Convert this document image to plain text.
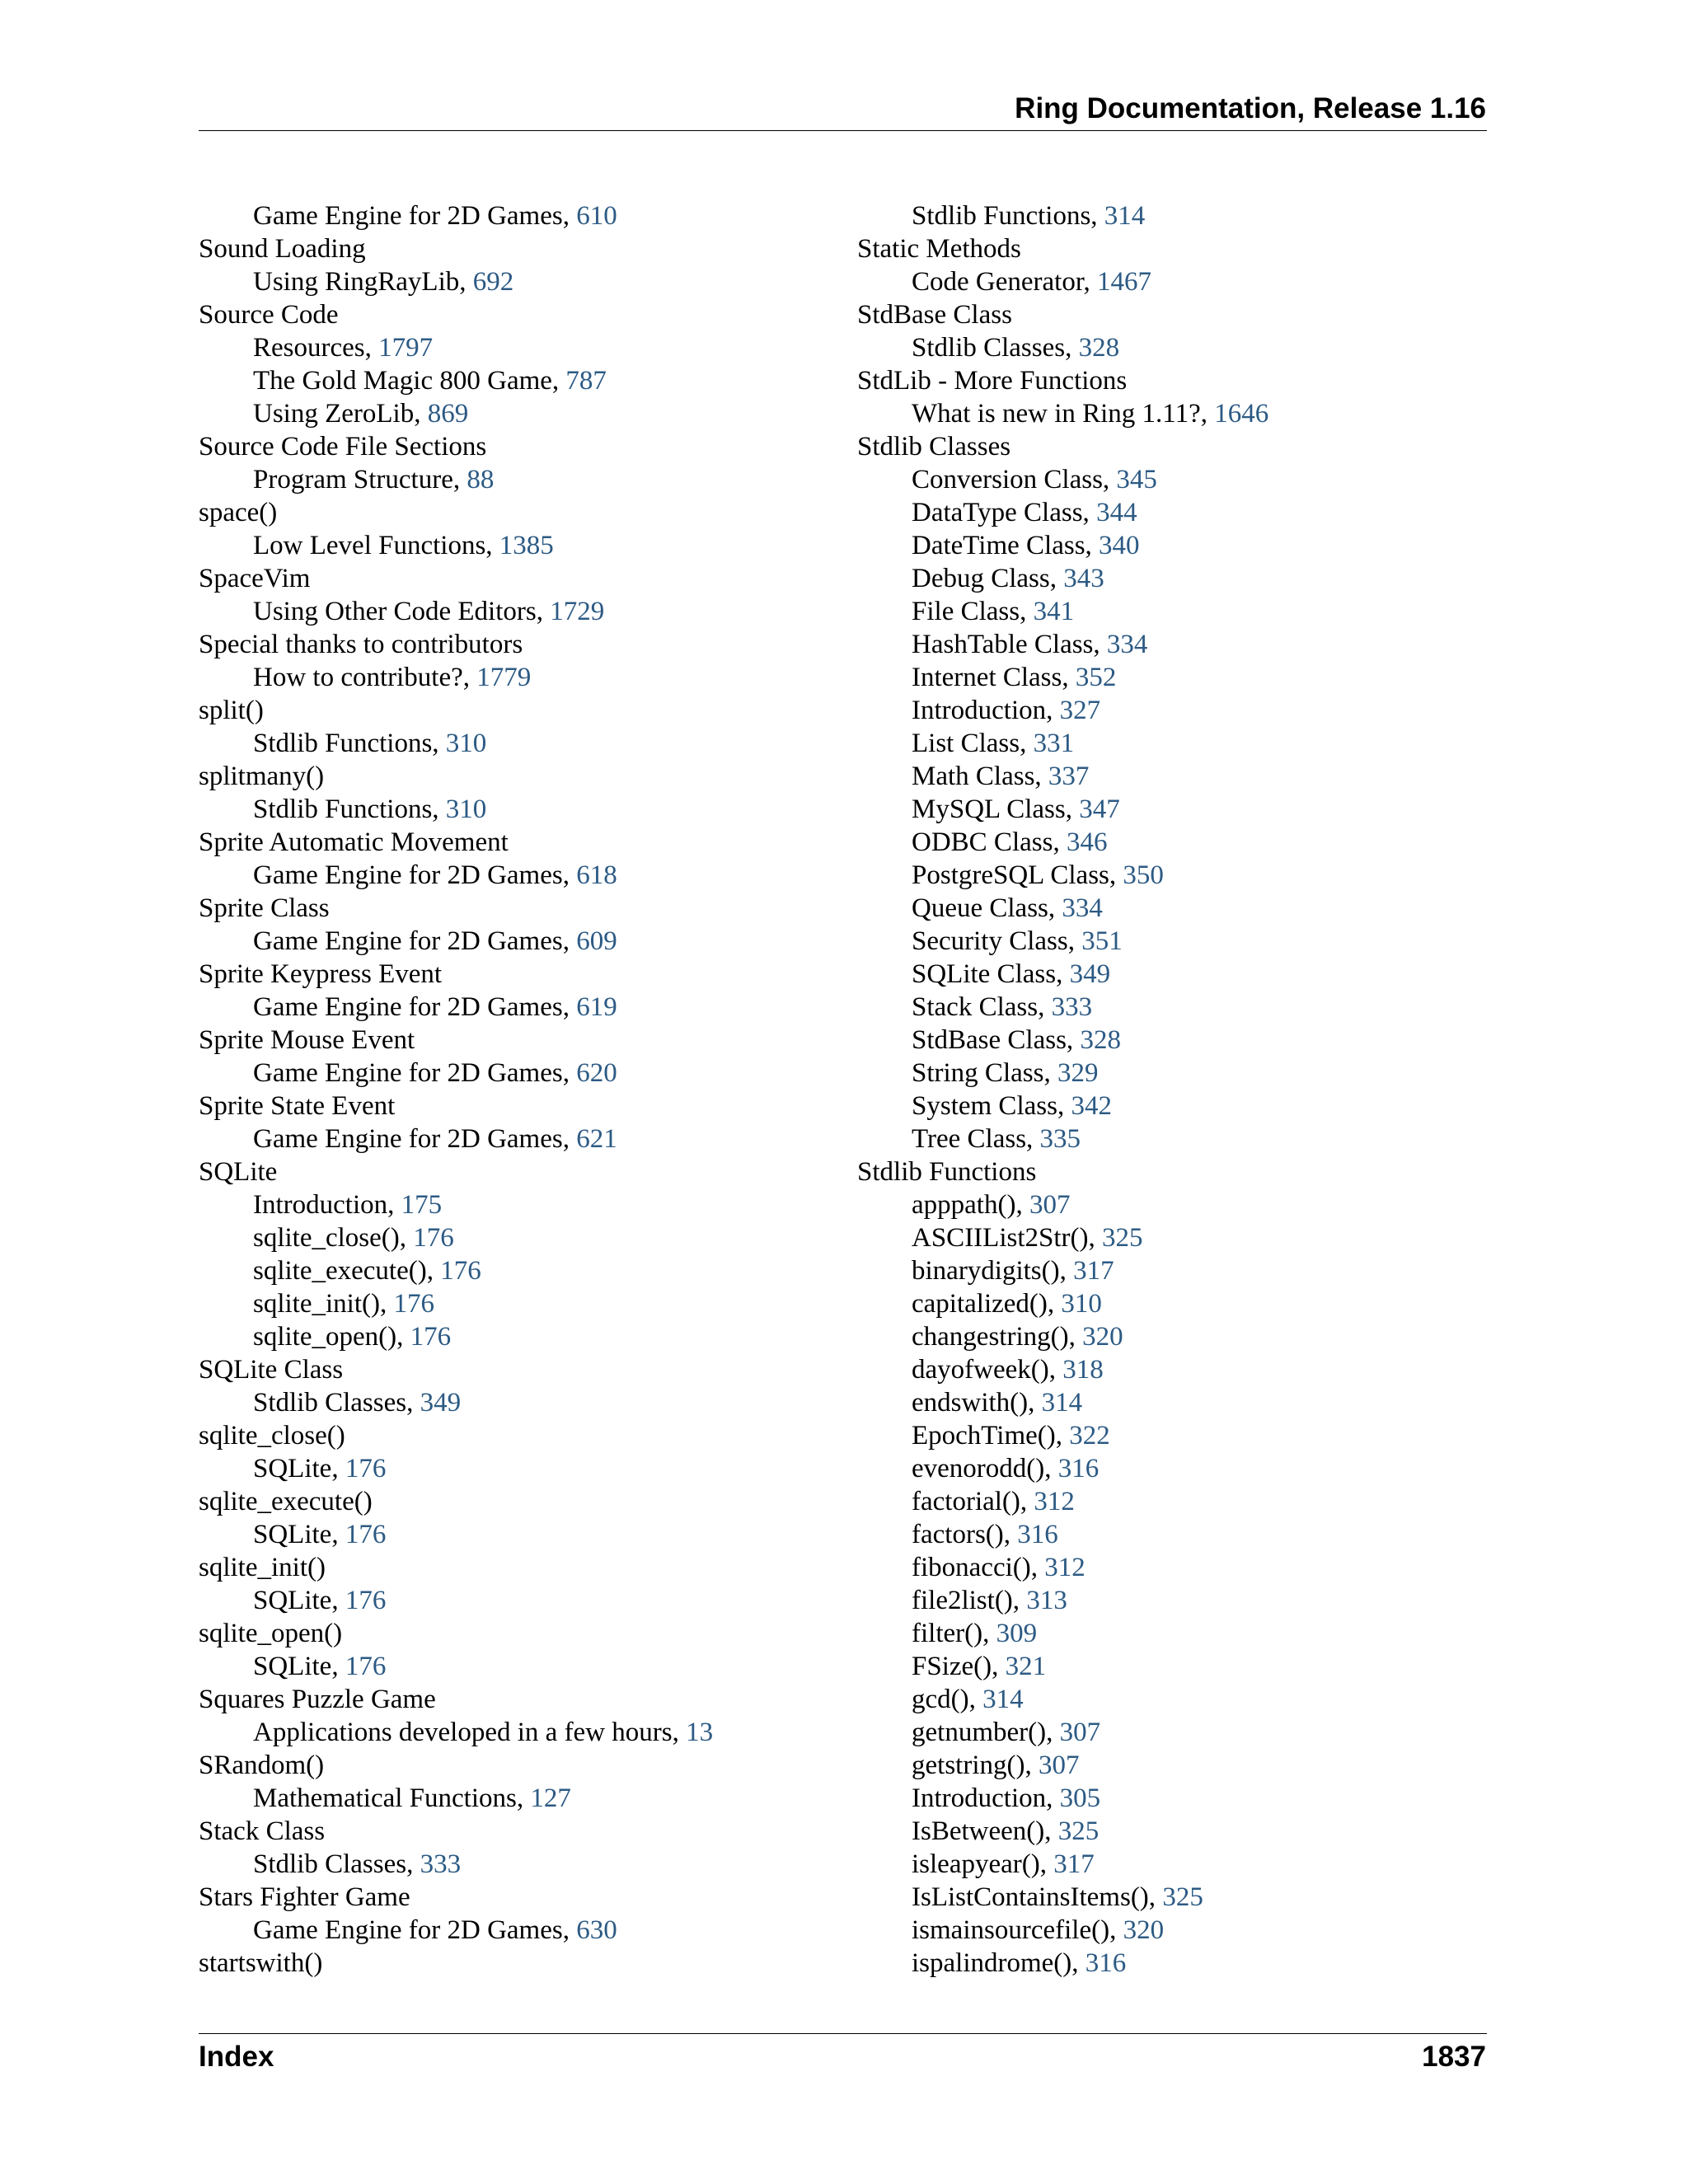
Ring Documentation, Release 1.16
Game Engine for 2D Games, 610
Sound Loading
Using RingRayLib, 692
Source Code
Resources, 1797
The Gold Magic 800 Game, 787
Using ZeroLib, 869
Source Code File Sections
Program Structure, 88
space()
Low Level Functions, 1385
SpaceVim
Using Other Code Editors, 1729
Special thanks to contributors
How to contribute?, 1779
split()
Stdlib Functions, 310
splitmany()
Stdlib Functions, 310
Sprite Automatic Movement
Game Engine for 2D Games, 618
Sprite Class
Game Engine for 2D Games, 609
Sprite Keypress Event
Game Engine for 2D Games, 619
Sprite Mouse Event
Game Engine for 2D Games, 620
Sprite State Event
Game Engine for 2D Games, 621
SQLite
Introduction, 175
sqlite_close(), 176
sqlite_execute(), 176
sqlite_init(), 176
sqlite_open(), 176
SQLite Class
Stdlib Classes, 349
sqlite_close()
SQLite, 176
sqlite_execute()
SQLite, 176
sqlite_init()
SQLite, 176
sqlite_open()
SQLite, 176
Squares Puzzle Game
Applications developed in a few hours, 13
SRandom()
Mathematical Functions, 127
Stack Class
Stdlib Classes, 333
Stars Fighter Game
Game Engine for 2D Games, 630
startswith()
Stdlib Functions, 314
Static Methods
Code Generator, 1467
StdBase Class
Stdlib Classes, 328
StdLib - More Functions
What is new in Ring 1.11?, 1646
Stdlib Classes
Conversion Class, 345
DataType Class, 344
DateTime Class, 340
Debug Class, 343
File Class, 341
HashTable Class, 334
Internet Class, 352
Introduction, 327
List Class, 331
Math Class, 337
MySQL Class, 347
ODBC Class, 346
PostgreSQL Class, 350
Queue Class, 334
Security Class, 351
SQLite Class, 349
Stack Class, 333
StdBase Class, 328
String Class, 329
System Class, 342
Tree Class, 335
Stdlib Functions
apppath(), 307
ASCIIList2Str(), 325
binarydigits(), 317
capitalized(), 310
changestring(), 320
dayofweek(), 318
endswith(), 314
EpochTime(), 322
evenorodd(), 316
factorial(), 312
factors(), 316
fibonacci(), 312
file2list(), 313
filter(), 309
FSize(), 321
gcd(), 314
getnumber(), 307
getstring(), 307
Introduction, 305
IsBetween(), 325
isleapyear(), 317
IsListContainsItems(), 325
ismainsourcefile(), 320
ispalindrome(), 316
Index	1837
